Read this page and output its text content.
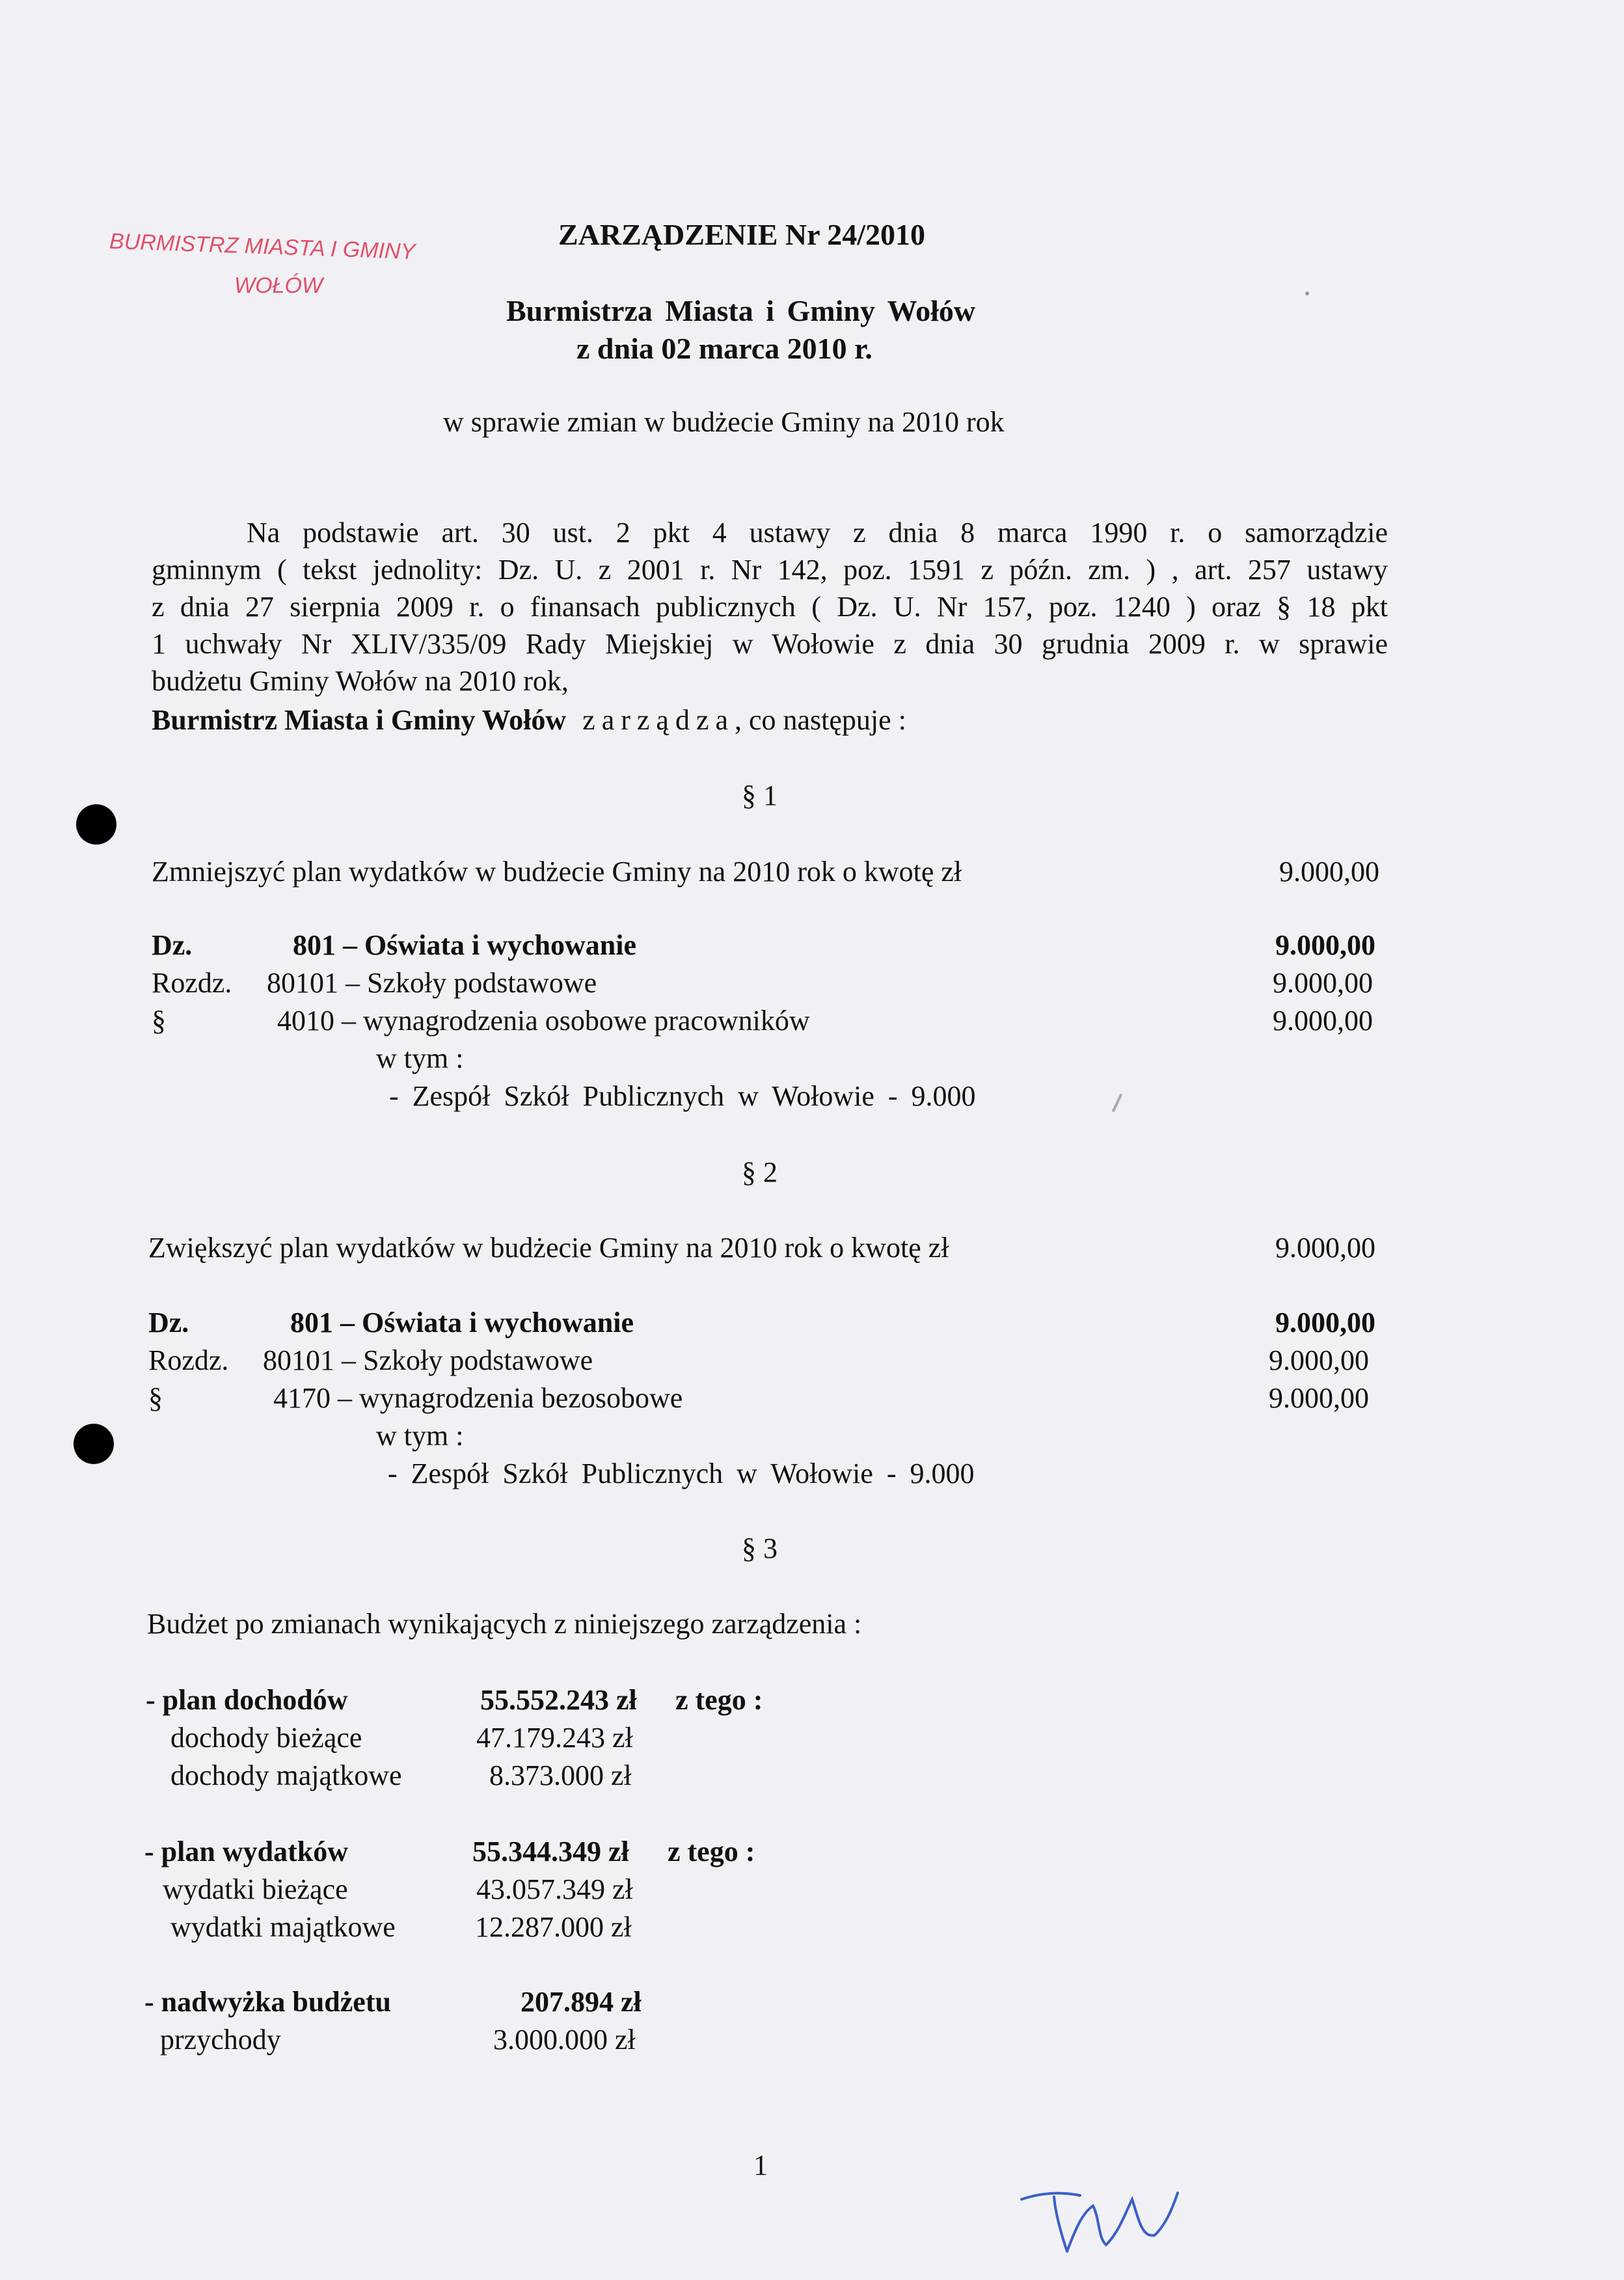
BURMISTRZ MIASTA I GMINY
WOŁÓW
ZARZĄDZENIE Nr 24/2010
Burmistrza Miasta i Gminy Wołów
z dnia 02 marca 2010 r.
w sprawie zmian w budżecie Gminy na 2010 rok
Na podstawie art. 30 ust. 2 pkt 4 ustawy z dnia 8 marca 1990 r. o samorządzie
gminnym ( tekst jednolity: Dz. U. z 2001 r. Nr 142, poz. 1591 z późn. zm. ) , art. 257 ustawy
z dnia 27 sierpnia 2009 r. o finansach publicznych ( Dz. U. Nr 157, poz. 1240 ) oraz § 18 pkt
1 uchwały Nr XLIV/335/09 Rady Miejskiej w Wołowie z dnia 30 grudnia 2009 r. w sprawie
budżetu Gminy Wołów na 2010 rok,
Burmistrz Miasta i Gminy Wołów zarządza, co następuje :
§ 1
Zmniejszyć plan wydatków w budżecie Gminy na 2010 rok o kwotę zł	9.000,00
Dz.	801 – Oświata i wychowanie	9.000,00
Rozdz. 80101 – Szkoły podstawowe	9.000,00
§	4010 – wynagrodzenia osobowe pracowników	9.000,00
w tym :
- Zespół Szkół Publicznych w Wołowie - 9.000
§ 2
Zwiększyć plan wydatków w budżecie Gminy na 2010 rok o kwotę zł	9.000,00
Dz.	801 – Oświata i wychowanie	9.000,00
Rozdz. 80101 – Szkoły podstawowe	9.000,00
§	4170 – wynagrodzenia bezosobowe	9.000,00
w tym :
- Zespół Szkół Publicznych w Wołowie - 9.000
§ 3
Budżet po zmianach wynikających z niniejszego zarządzenia :
- plan dochodów	55.552.243 zł z tego :
dochody bieżące	47.179.243 zł
dochody majątkowe	8.373.000 zł
- plan wydatków	55.344.349 zł z tego :
wydatki bieżące	43.057.349 zł
wydatki majątkowe	12.287.000 zł
- nadwyżka budżetu	207.894 zł
przychody	3.000.000 zł
1
